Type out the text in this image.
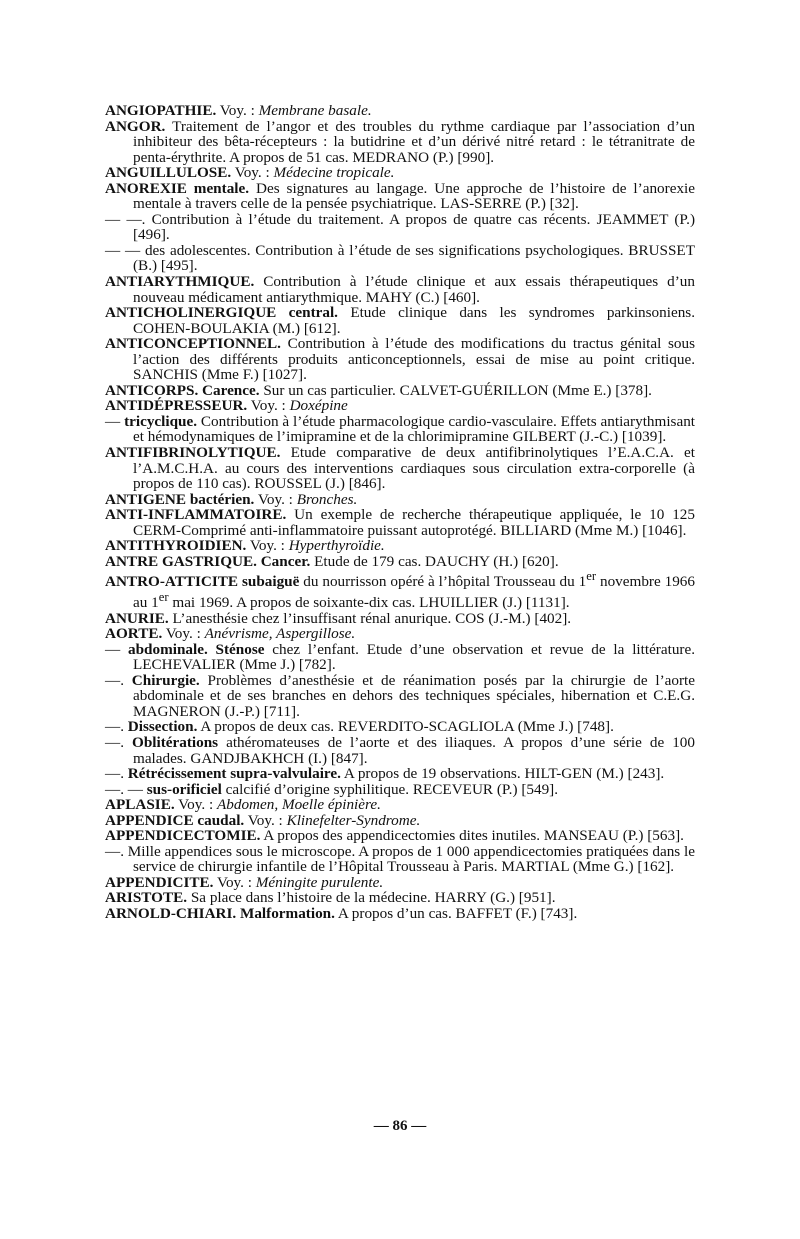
ANGIOPATHIE. Voy. : Membrane basale.

ANGOR. Traitement de l’angor et des troubles du rythme cardiaque par l’association d’un inhibiteur des bêta-récepteurs : la butidrine et d’un dérivé nitré retard : le tétranitrate de penta-érythrite. A propos de 51 cas. MEDRANO (P.) [990].

ANGUILLULOSE. Voy. : Médecine tropicale.

ANOREXIE mentale. Des signatures au langage. Une approche de l’histoire de l’anorexie mentale à travers celle de la pensée psychiatrique. LAS-SERRE (P.) [32].

— —. Contribution à l’étude du traitement. A propos de quatre cas récents. JEAMMET (P.) [496].

— — des adolescentes. Contribution à l’étude de ses significations psychologiques. BRUSSET (B.) [495].

ANTIARYTHMIQUE. Contribution à l’étude clinique et aux essais thérapeutiques d’un nouveau médicament antiarythmique. MAHY (C.) [460].

ANTICHOLINERGIQUE central. Etude clinique dans les syndromes parkinsoniens. COHEN-BOULAKIA (M.) [612].

ANTICONCEPTIONNEL. Contribution à l’étude des modifications du tractus génital sous l’action des différents produits anticonceptionnels, essai de mise au point critique. SANCHIS (Mme F.) [1027].

ANTICORPS. Carence. Sur un cas particulier. CALVET-GUÉRILLON (Mme E.) [378].

ANTIDÉPRESSEUR. Voy. : Doxépine

— tricyclique. Contribution à l’étude pharmacologique cardio-vasculaire. Effets antiarythmisant et hémodynamiques de l’imipramine et de la chlorimipramine GILBERT (J.-C.) [1039].

ANTIFIBRINOLYTIQUE. Etude comparative de deux antifibrinolytiques l’E.A.C.A. et l’A.M.C.H.A. au cours des interventions cardiaques sous circulation extra-corporelle (à propos de 110 cas). ROUSSEL (J.) [846].

ANTIGENE bactérien. Voy. : Bronches.

ANTI-INFLAMMATOIRE. Un exemple de recherche thérapeutique appliquée, le 10 125 CERM-Comprimé anti-inflammatoire puissant autoprotégé. BILLIARD (Mme M.) [1046].

ANTITHYROIDIEN. Voy. : Hyperthyroïdie.

ANTRE GASTRIQUE. Cancer. Etude de 179 cas. DAUCHY (H.) [620].

ANTRO-ATTICITE subaiguë du nourrisson opéré à l’hôpital Trousseau du 1er novembre 1966 au 1er mai 1969. A propos de soixante-dix cas. LHUILLIER (J.) [1131].

ANURIE. L’anesthésie chez l’insuffisant rénal anurique. COS (J.-M.) [402].

AORTE. Voy. : Anévrisme, Aspergillose.

— abdominale. Sténose chez l’enfant. Etude d’une observation et revue de la littérature. LECHEVALIER (Mme J.) [782].

—. Chirurgie. Problèmes d’anesthésie et de réanimation posés par la chirurgie de l’aorte abdominale et de ses branches en dehors des techniques spéciales, hibernation et C.E.G. MAGNERON (J.-P.) [711].

—. Dissection. A propos de deux cas. REVERDITO-SCAGLIOLA (Mme J.) [748].

—. Oblitérations athéromateuses de l’aorte et des iliaques. A propos d’une série de 100 malades. GANDJBAKHCH (I.) [847].

—. Rétrécissement supra-valvulaire. A propos de 19 observations. HILT-GEN (M.) [243].

—. — sus-orificiel calcifié d’origine syphilitique. RECEVEUR (P.) [549].

APLASIE. Voy. : Abdomen, Moelle épinière.

APPENDICE caudal. Voy. : Klinefelter-Syndrome.

APPENDICECTOMIE. A propos des appendicectomies dites inutiles. MANSEAU (P.) [563].

—. Mille appendices sous le microscope. A propos de 1 000 appendicectomies pratiquées dans le service de chirurgie infantile de l’Hôpital Trousseau à Paris. MARTIAL (Mme G.) [162].

APPENDICITE. Voy. : Méningite purulente.

ARISTOTE. Sa place dans l’histoire de la médecine. HARRY (G.) [951].

ARNOLD-CHIARI. Malformation. A propos d’un cas. BAFFET (F.) [743].

— 86 —
